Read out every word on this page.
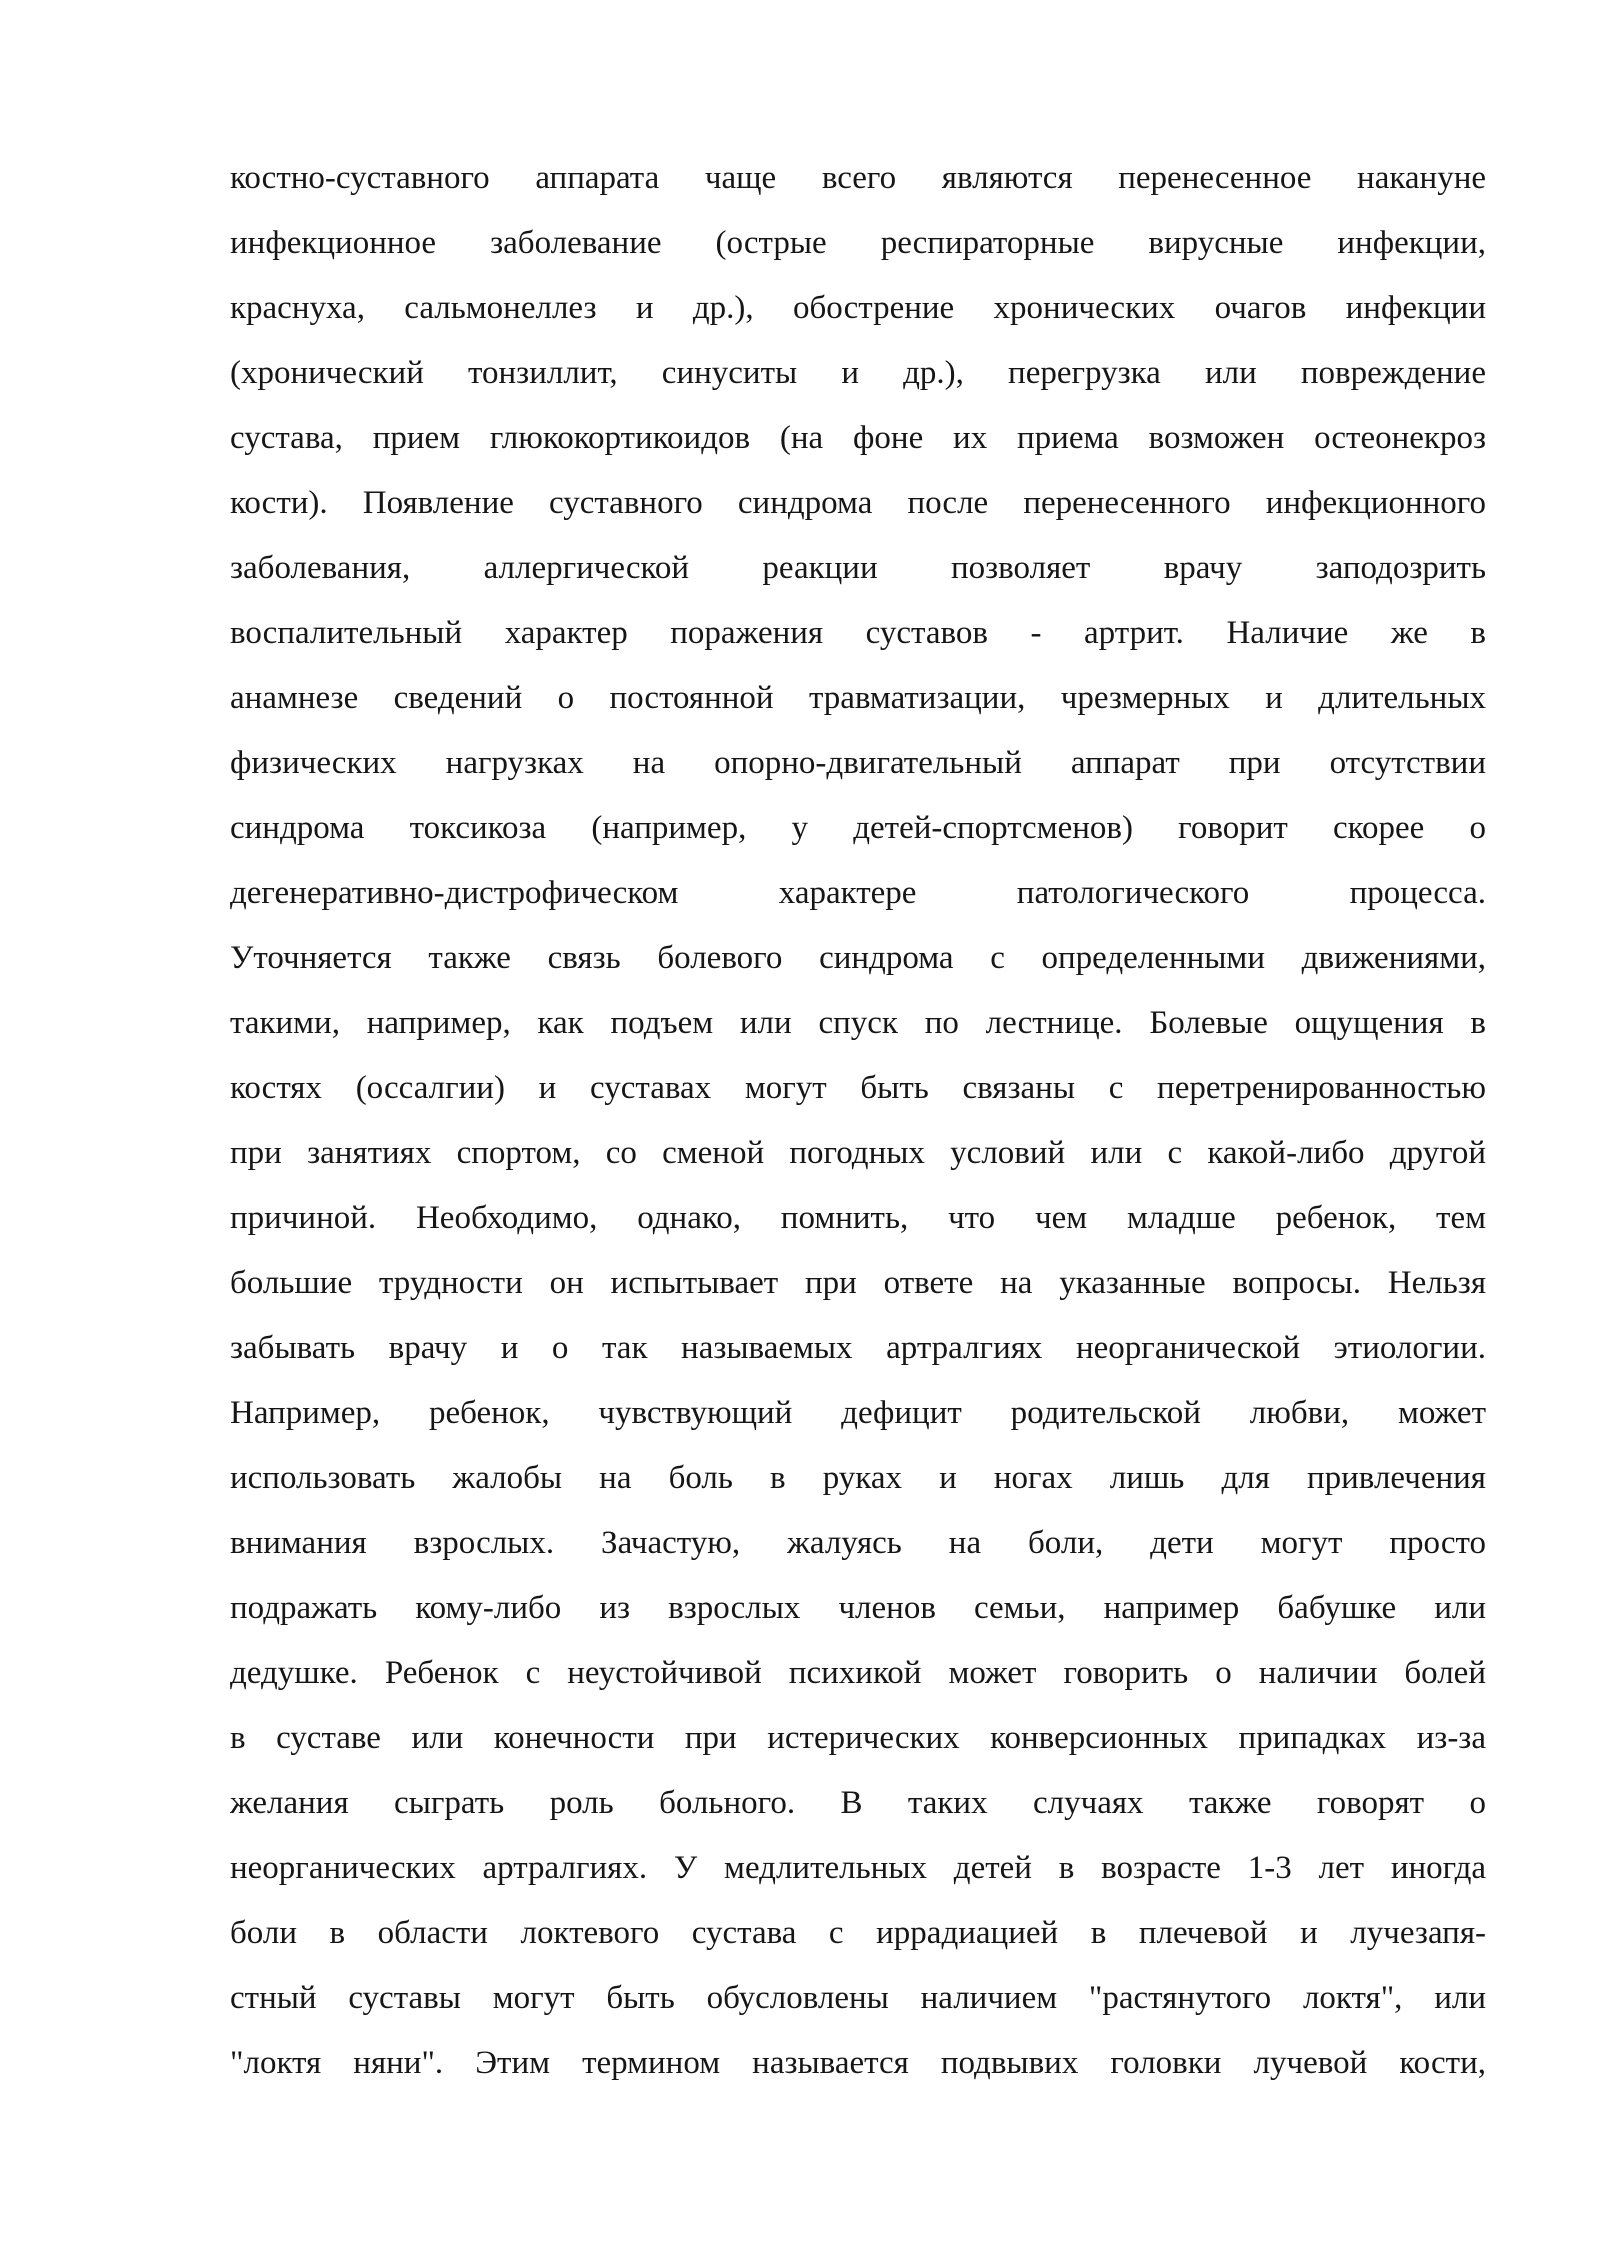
костно-суставного аппарата чаще всего являются перенесенное накануне
инфекционное заболевание (острые респираторные вирусные инфекции,
краснуха, сальмонеллез и др.), обострение хронических очагов инфекции
(хронический тонзиллит, синуситы и др.), перегрузка или повреждение
сустава, прием глюкокортикоидов (на фоне их приема возможен остеонекроз
кости). Появление суставного синдрома после перенесенного инфекционного
заболевания, аллергической реакции позволяет врачу заподозрить
воспалительный характер поражения суставов - артрит. Наличие же в
анамнезе сведений о постоянной травматизации, чрезмерных и длительных
физических нагрузках на опорно-двигательный аппарат при отсутствии
синдрома токсикоза (например, у детей-спортсменов) говорит скорее о
дегенеративно-дистрофическом характере патологического процесса.
Уточняется также связь болевого синдрома с определенными движениями,
такими, например, как подъем или спуск по лестнице. Болевые ощущения в
костях (оссалгии) и суставах могут быть связаны с перетренированностью
при занятиях спортом, со сменой погодных условий или с какой-либо другой
причиной. Необходимо, однако, помнить, что чем младше ребенок, тем
большие трудности он испытывает при ответе на указанные вопросы. Нельзя
забывать врачу и о так называемых артралгиях неорганической этиологии.
Например, ребенок, чувствующий дефицит родительской любви, может
использовать жалобы на боль в руках и ногах лишь для привлечения
внимания взрослых. Зачастую, жалуясь на боли, дети могут просто
подражать кому-либо из взрослых членов семьи, например бабушке или
дедушке. Ребенок с неустойчивой психикой может говорить о наличии болей
в суставе или конечности при истерических конверсионных припадках из-за
желания сыграть роль больного. В таких случаях также говорят о
неорганических артралгиях. У медлительных детей в возрасте 1-3 лет иногда
боли в области локтевого сустава с иррадиацией в плечевой и лучезапя-
стный суставы могут быть обусловлены наличием "растянутого локтя", или
"локтя няни". Этим термином называется подвывих головки лучевой кости,
